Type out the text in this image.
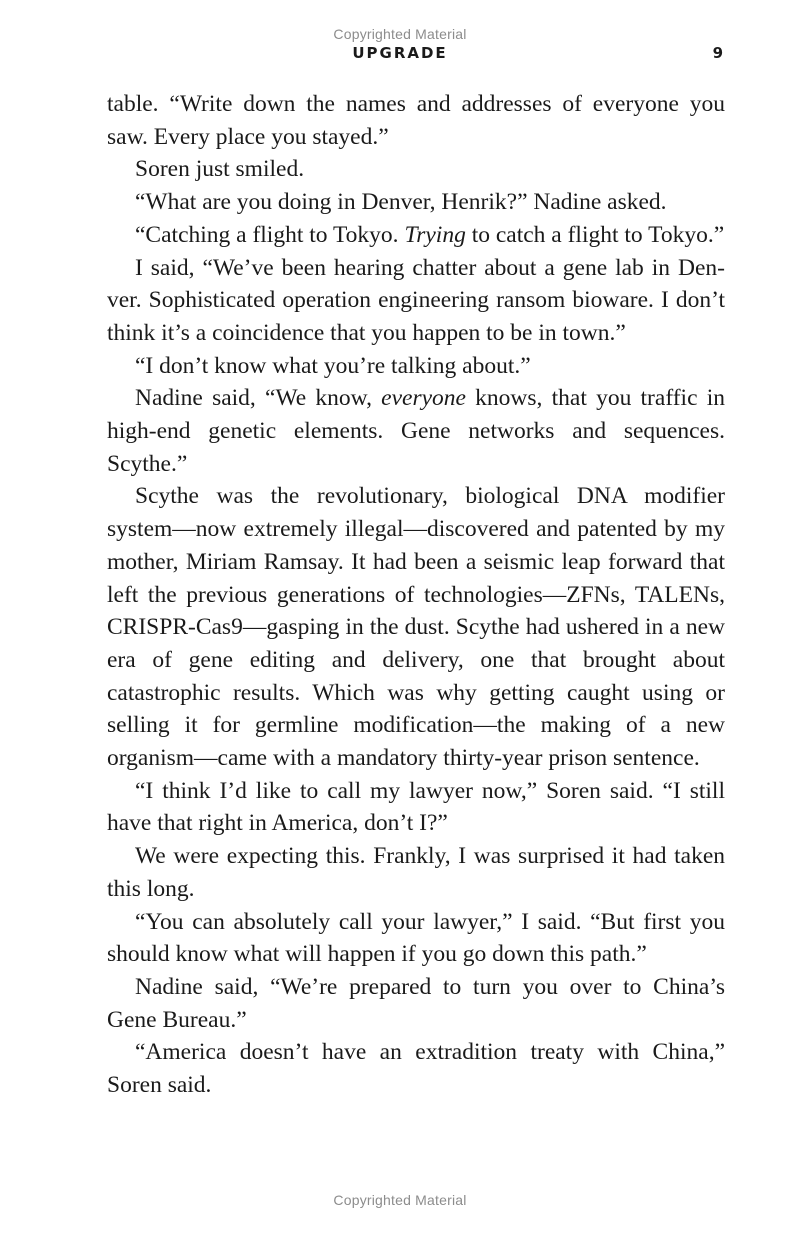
Copyrighted Material
UPGRADE	9

table. “Write down the names and addresses of everyone you saw. Every place you stayed.”

Soren just smiled.

“What are you doing in Denver, Henrik?” Nadine asked.

“Catching a flight to Tokyo. Trying to catch a flight to Tokyo.”

I said, “We’ve been hearing chatter about a gene lab in Denver. Sophisticated operation engineering ransom bioware. I don’t think it’s a coincidence that you happen to be in town.”

“I don’t know what you’re talking about.”

Nadine said, “We know, everyone knows, that you traffic in high-end genetic elements. Gene networks and sequences. Scythe.”

Scythe was the revolutionary, biological DNA modifier system—now extremely illegal—discovered and patented by my mother, Miriam Ramsay. It had been a seismic leap forward that left the previous generations of technologies—ZFNs, TALENs, CRISPR-Cas9—gasping in the dust. Scythe had ushered in a new era of gene editing and delivery, one that brought about catastrophic results. Which was why getting caught using or selling it for germline modification—the making of a new organism—came with a mandatory thirty-year prison sentence.

“I think I’d like to call my lawyer now,” Soren said. “I still have that right in America, don’t I?”

We were expecting this. Frankly, I was surprised it had taken this long.

“You can absolutely call your lawyer,” I said. “But first you should know what will happen if you go down this path.”

Nadine said, “We’re prepared to turn you over to China’s Gene Bureau.”

“America doesn’t have an extradition treaty with China,” Soren said.

Copyrighted Material
